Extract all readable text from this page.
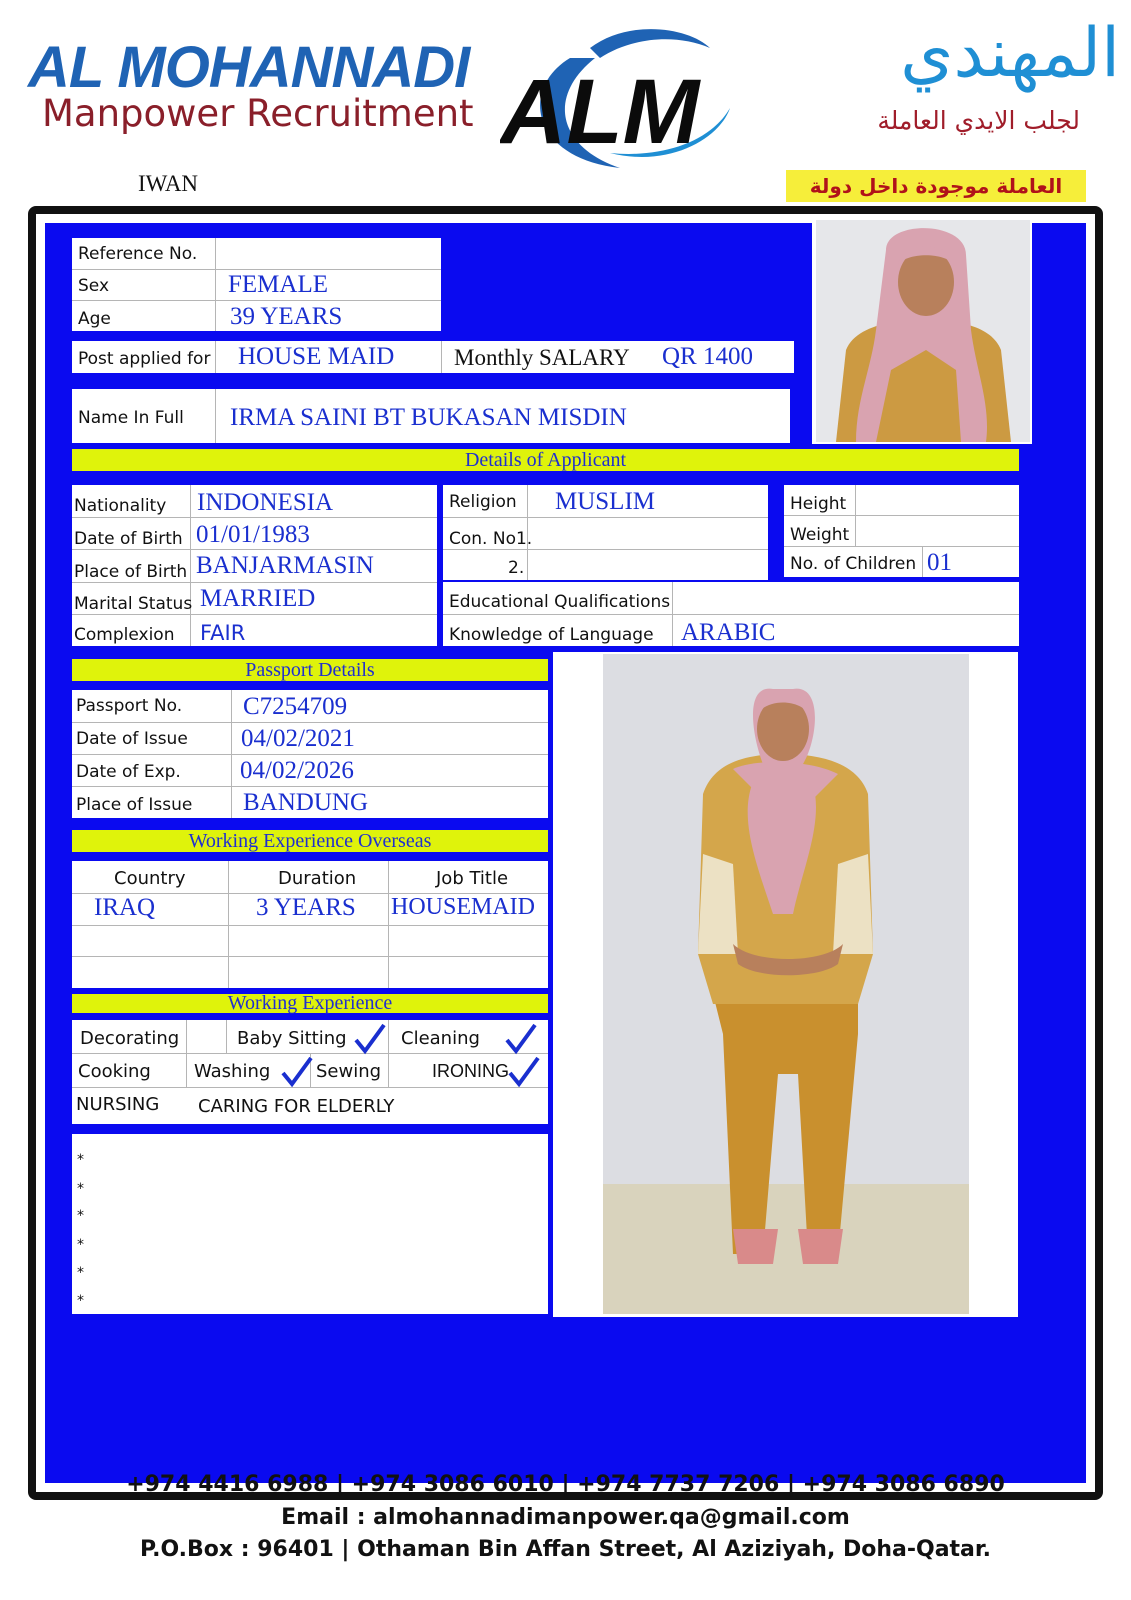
AL MOHANNADI
Manpower Recruitment ALM
المهندي
لجلب الايدي العاملة
IWAN	العاملة موجودة داخل دولة
Reference No.
Sex	FEMALE
Age	39 YEARS
Post applied for HOUSE MAID	Monthly SALARY QR 1400
Name In Full IRMA SAINI BT BUKASAN MISDIN
Details of Applicant
Nationality INDONESIA
Date of Birth 01/01/1983
Place of Birth BANJARMASIN
Marital Status MARRIED
Complexion FAIR
Religion MUSLIM
Con. No1.
2.
Height
Weight
No. of Children 01
Educational Qualifications
Knowledge of Language ARABIC
Passport Details
Passport No. C7254709
Date of Issue 04/02/2021
Date of Exp. 04/02/2026
Place of Issue BANDUNG
Working Experience Overseas
Country	Duration	Job Title
IRAQ	3 YEARS HOUSEMAID
Working Experience
Decorating	Baby Sitting	Cleaning
Cooking Washing	Sewing	IRONING
NURSING CARING FOR ELDERLY
*
*
*
*
*
*
+974 4416 6988 | +974 3086 6010 | +974 7737 7206 | +974 3086 6890
Email : almohannadimanpower.qa@gmail.com
P.O.Box : 96401 | Othaman Bin Affan Street, Al Aziziyah, Doha-Qatar.
